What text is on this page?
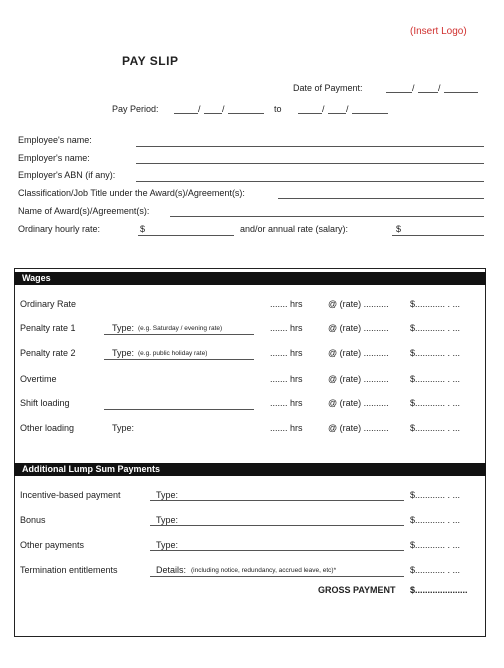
(Insert Logo)
PAY SLIP
Date of Payment:	/	/
Pay Period:	/ /	to	/ /
Employee's name:
Employer's name:
Employer's ABN (if any):
Classification/Job Title under the Award(s)/Agreement(s):
Name of Award(s)/Agreement(s):
Ordinary hourly rate:	$	and/or annual rate (salary):	$
Wages
Ordinary Rate	....... hrs	@ (rate) .......... $............ . ...
Penalty rate 1	Type: (e.g. Saturday / evening rate)	....... hrs	@ (rate) .......... $............ . ...
Penalty rate 2	Type: (e.g. public holiday rate)	....... hrs	@ (rate) .......... $............ . ...
Overtime	....... hrs	@ (rate) .......... $............ . ...
Shift loading	....... hrs	@ (rate) .......... $............ . ...
Other loading	Type:	....... hrs	@ (rate) .......... $............ . ...
Additional Lump Sum Payments
Incentive-based payment	Type:	$............ . ...
Bonus	Type:	$............ . ...
Other payments	Type:	$............ . ...
Termination entitlements	Details: (including notice, redundancy, accrued leave, etc)*	$............ . ...
GROSS PAYMENT $.....................
